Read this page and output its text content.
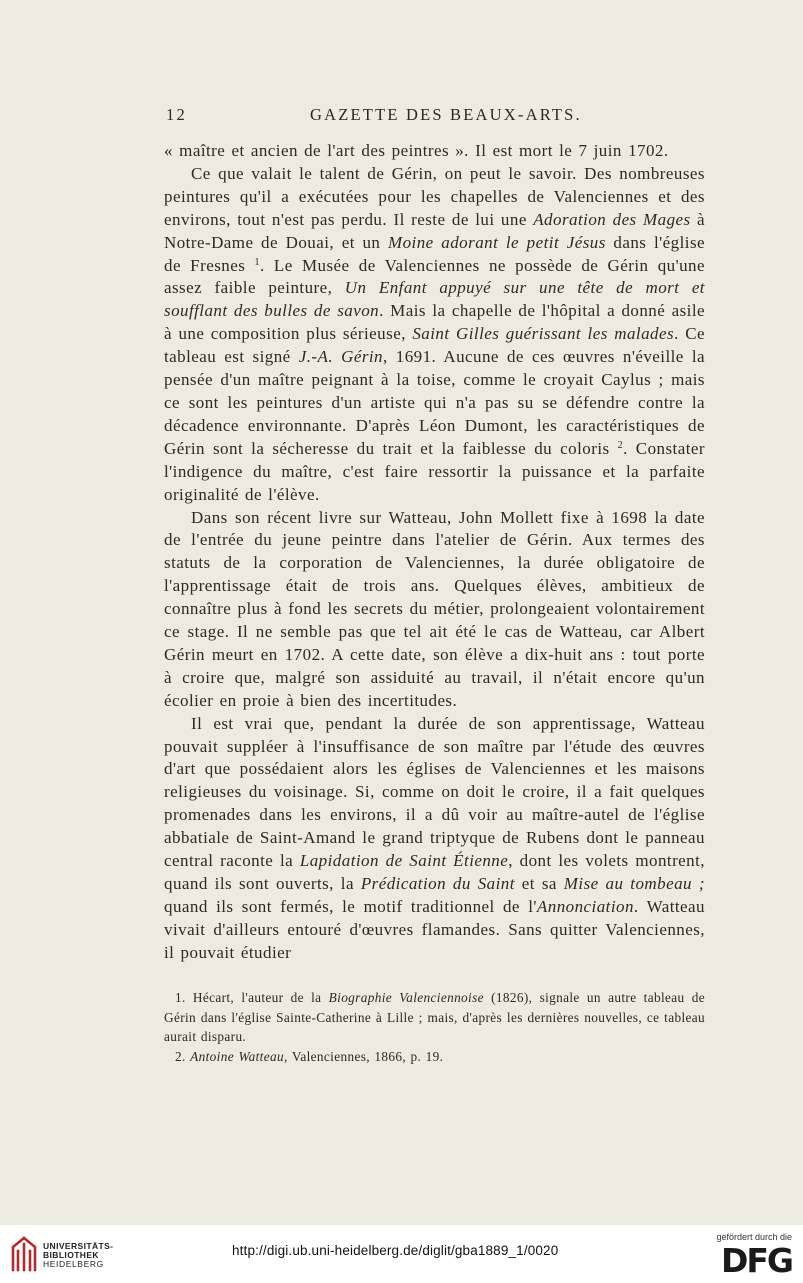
12	GAZETTE DES BEAUX-ARTS.

« maître et ancien de l'art des peintres ». Il est mort le 7 juin 1702.

Ce que valait le talent de Gérin, on peut le savoir. Des nombreuses peintures qu'il a exécutées pour les chapelles de Valenciennes et des environs, tout n'est pas perdu. Il reste de lui une Adoration des Mages à Notre-Dame de Douai, et un Moine adorant le petit Jésus dans l'église de Fresnes $^1$. Le Musée de Valenciennes ne possède de Gérin qu'une assez faible peinture, Un Enfant appuyé sur une tête de mort et soufflant des bulles de savon. Mais la chapelle de l'hôpital a donné asile à une composition plus sérieuse, Saint Gilles guérissant les malades. Ce tableau est signé J.-A. Gérin, 1691. Aucune de ces œuvres n'éveille la pensée d'un maître peignant à la toise, comme le croyait Caylus ; mais ce sont les peintures d'un artiste qui n'a pas su se défendre contre la décadence environnante. D'après Léon Dumont, les caractéristiques de Gérin sont la sécheresse du trait et la faiblesse du coloris $^2$. Constater l'indigence du maître, c'est faire ressortir la puissance et la parfaite originalité de l'élève.

Dans son récent livre sur Watteau, John Mollett fixe à 1698 la date de l'entrée du jeune peintre dans l'atelier de Gérin. Aux termes des statuts de la corporation de Valenciennes, la durée obligatoire de l'apprentissage était de trois ans. Quelques élèves, ambitieux de connaître plus à fond les secrets du métier, prolongeaient volontairement ce stage. Il ne semble pas que tel ait été le cas de Watteau, car Albert Gérin meurt en 1702. A cette date, son élève a dix-huit ans : tout porte à croire que, malgré son assiduité au travail, il n'était encore qu'un écolier en proie à bien des incertitudes.

Il est vrai que, pendant la durée de son apprentissage, Watteau pouvait suppléer à l'insuffisance de son maître par l'étude des œuvres d'art que possédaient alors les églises de Valenciennes et les maisons religieuses du voisinage. Si, comme on doit le croire, il a fait quelques promenades dans les environs, il a dû voir au maître-autel de l'église abbatiale de Saint-Amand le grand triptyque de Rubens dont le panneau central raconte la Lapidation de Saint Étienne, dont les volets montrent, quand ils sont ouverts, la Prédication du Saint et sa Mise au tombeau ; quand ils sont fermés, le motif traditionnel de l'Annonciation. Watteau vivait d'ailleurs entouré d'œuvres flamandes. Sans quitter Valenciennes, il pouvait étudier

1. Hécart, l'auteur de la Biographie Valenciennoise (1826), signale un autre tableau de Gérin dans l'église Sainte-Catherine à Lille ; mais, d'après les dernières nouvelles, ce tableau aurait disparu.

2. Antoine Watteau, Valenciennes, 1866, p. 19.

UNIVERSITÄTS-
BIBLIOTHEK
HEIDELBERG
http://digi.ub.uni-heidelberg.de/diglit/gba1889_1/0020
gefördert durch die
DFG
